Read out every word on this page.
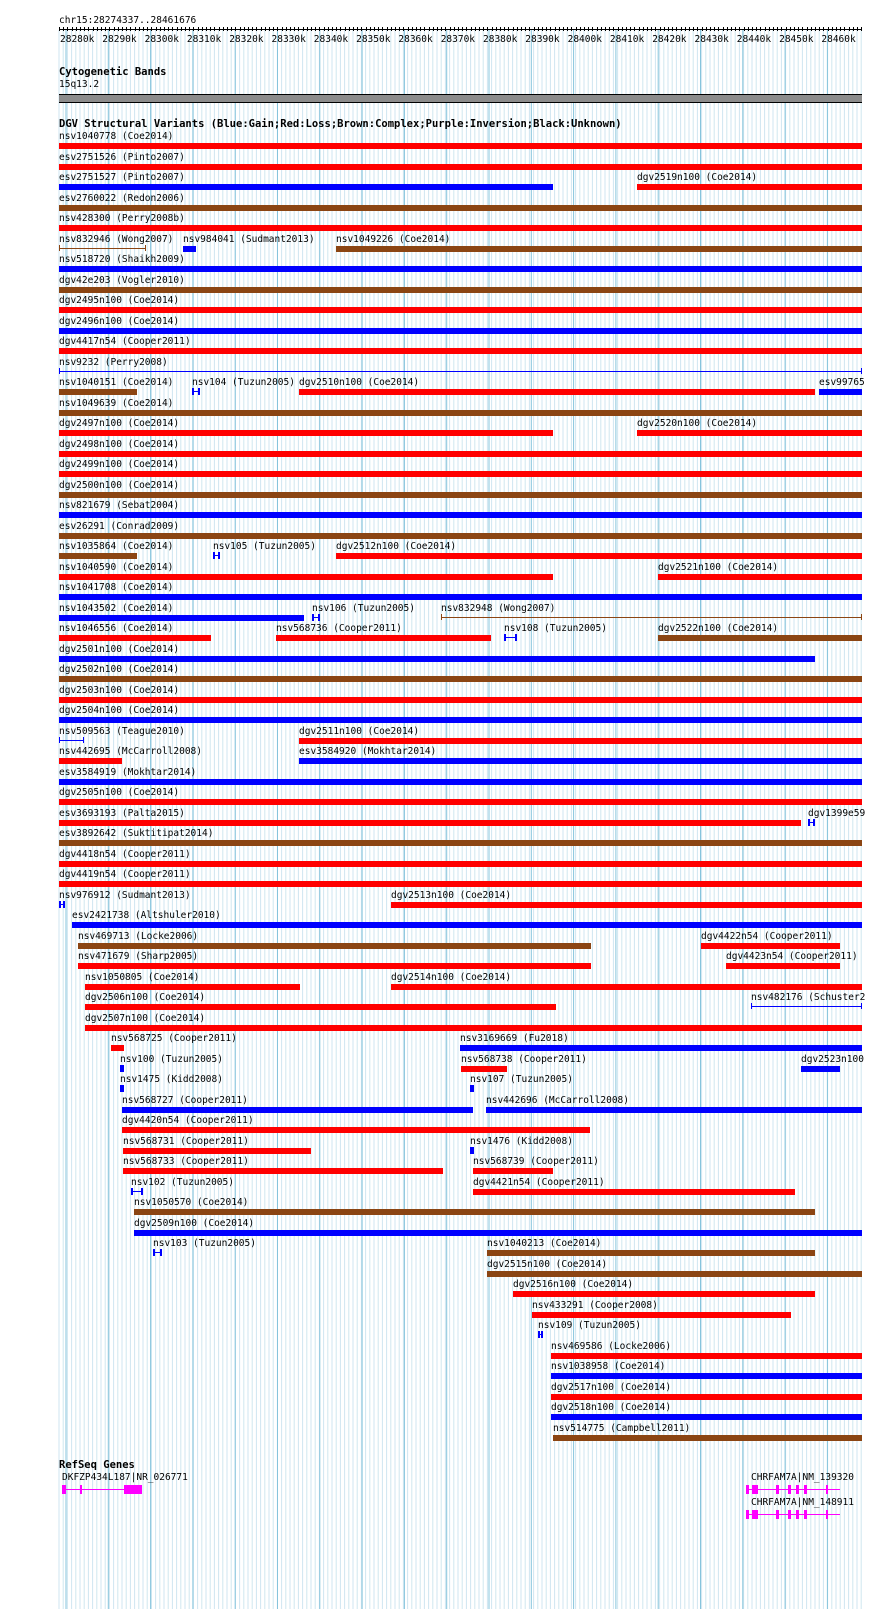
chr15:28274337..28461676
28280k 28290k 28300k 28310k 28320k 28330k 28340k 28350k 28360k 28370k 28380k 28390k 28400k 28410k 28420k 28430k 28440k 28450k 28460k
Cytogenetic Bands
15q13.2
DGV Structural Variants (Blue:Gain;Red:Loss;Brown:Complex;Purple:Inversion;Black:Unknown)
nsv1040778 (Coe2014)
esv2751526 (Pinto2007)
esv2751527 (Pinto2007)	dgv2519n100 (Coe2014)
esv2760022 (Redon2006)
nsv428300 (Perry2008b)
nsv832946 (Wong2007) nsv984041 (Sudmant2013) nsv1049226 (Coe2014)
nsv518720 (Shaikh2009)
dgv42e203 (Vogler2010)
dgv2495n100 (Coe2014)
dgv2496n100 (Coe2014)
dgv4417n54 (Cooper2011)
nsv9232 (Perry2008)
nsv1040151 (Coe2014) nsv104 (Tuzun2005) dgv2510n100 (Coe2014)	esv99765
nsv1049639 (Coe2014)
dgv2497n100 (Coe2014)	dgv2520n100 (Coe2014)
dgv2498n100 (Coe2014)
dgv2499n100 (Coe2014)
dgv2500n100 (Coe2014)
nsv821679 (Sebat2004)
esv26291 (Conrad2009)
nsv1035864 (Coe2014)	nsv105 (Tuzun2005) dgv2512n100 (Coe2014)
nsv1040590 (Coe2014)	dgv2521n100 (Coe2014)
nsv1041708 (Coe2014)
nsv1043502 (Coe2014)	nsv106 (Tuzun2005)	nsv832948 (Wong2007)
nsv1046556 (Coe2014)	nsv568736 (Cooper2011)	nsv108 (Tuzun2005)	dgv2522n100 (Coe2014)
dgv2501n100 (Coe2014)
dgv2502n100 (Coe2014)
dgv2503n100 (Coe2014)
dgv2504n100 (Coe2014)
nsv509563 (Teague2010)	dgv2511n100 (Coe2014)
nsv442695 (McCarroll2008)	esv3584920 (Mokhtar2014)
esv3584919 (Mokhtar2014)
dgv2505n100 (Coe2014)
esv3693193 (Palta2015)	dgv1399e59
esv3892642 (Suktitipat2014)
dgv4418n54 (Cooper2011)
dgv4419n54 (Cooper2011)
nsv976912 (Sudmant2013)	dgv2513n100 (Coe2014)
esv2421738 (Altshuler2010)
nsv469713 (Locke2006)	dgv4422n54 (Cooper2011)
nsv471679 (Sharp2005)	dgv4423n54 (Cooper2011)
nsv1050805 (Coe2014)	dgv2514n100 (Coe2014)
dgv2506n100 (Coe2014)	nsv482176 (Schuster2
dgv2507n100 (Coe2014)
nsv568725 (Cooper2011)	nsv3169669 (Fu2018)
nsv100 (Tuzun2005)	nsv568738 (Cooper2011)	dgv2523n100
nsv1475 (Kidd2008)	nsv107 (Tuzun2005)
nsv568727 (Cooper2011)	nsv442696 (McCarroll2008)
dgv4420n54 (Cooper2011)
nsv568731 (Cooper2011)	nsv1476 (Kidd2008)
nsv568733 (Cooper2011)	nsv568739 (Cooper2011)
nsv102 (Tuzun2005)	dgv4421n54 (Cooper2011)
nsv1050570 (Coe2014)
dgv2509n100 (Coe2014)
nsv103 (Tuzun2005)	nsv1040213 (Coe2014)
dgv2515n100 (Coe2014)
dgv2516n100 (Coe2014)
nsv433291 (Cooper2008)
nsv109 (Tuzun2005)
nsv469586 (Locke2006)
nsv1038958 (Coe2014)
dgv2517n100 (Coe2014)
dgv2518n100 (Coe2014)
nsv514775 (Campbell2011)
RefSeq Genes
DKFZP434L187|NR_026771	CHRFAM7A|NM_139320
CHRFAM7A|NM_148911
